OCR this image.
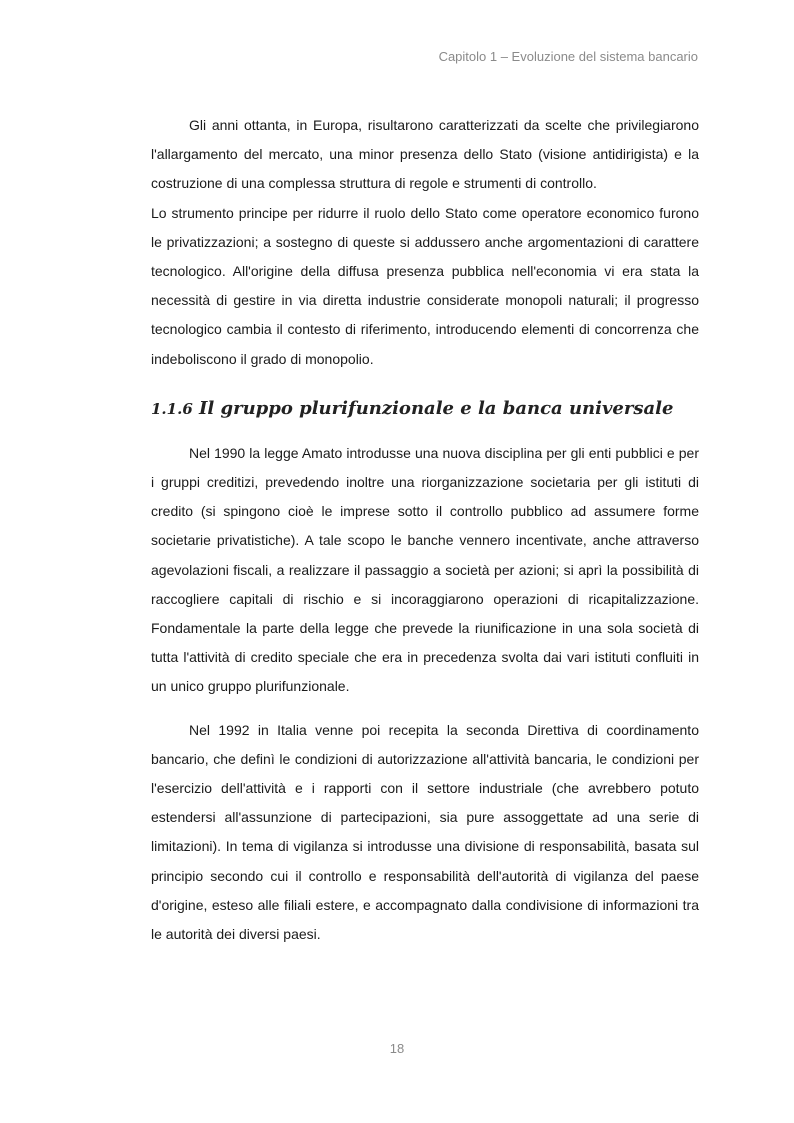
Capitolo 1 – Evoluzione del sistema bancario

Gli anni ottanta, in Europa, risultarono caratterizzati da scelte che privilegiarono l'allargamento del mercato, una minor presenza dello Stato (visione antidirigista) e la costruzione di una complessa struttura di regole e strumenti di controllo.

Lo strumento principe per ridurre il ruolo dello Stato come operatore economico furono le privatizzazioni; a sostegno di queste si addussero anche argomentazioni di carattere tecnologico. All'origine della diffusa presenza pubblica nell'economia vi era stata la necessità di gestire in via diretta industrie considerate monopoli naturali; il progresso tecnologico cambia il contesto di riferimento, introducendo elementi di concorrenza che indeboliscono il grado di monopolio.

1.1.6 Il gruppo plurifunzionale e la banca universale

Nel 1990 la legge Amato introdusse una nuova disciplina per gli enti pubblici e per i gruppi creditizi, prevedendo inoltre una riorganizzazione societaria per gli istituti di credito (si spingono cioè le imprese sotto il controllo pubblico ad assumere forme societarie privatistiche). A tale scopo le banche vennero incentivate, anche attraverso agevolazioni fiscali, a realizzare il passaggio a società per azioni; si aprì la possibilità di raccogliere capitali di rischio e si incoraggiarono operazioni di ricapitalizzazione. Fondamentale la parte della legge che prevede la riunificazione in una sola società di tutta l'attività di credito speciale che era in precedenza svolta dai vari istituti confluiti in un unico gruppo plurifunzionale.

Nel 1992 in Italia venne poi recepita la seconda Direttiva di coordinamento bancario, che definì le condizioni di autorizzazione all'attività bancaria, le condizioni per l'esercizio dell'attività e i rapporti con il settore industriale (che avrebbero potuto estendersi all'assunzione di partecipazioni, sia pure assoggettate ad una serie di limitazioni). In tema di vigilanza si introdusse una divisione di responsabilità, basata sul principio secondo cui il controllo e responsabilità dell'autorità di vigilanza del paese d'origine, esteso alle filiali estere, e accompagnato dalla condivisione di informazioni tra le autorità dei diversi paesi.

18
